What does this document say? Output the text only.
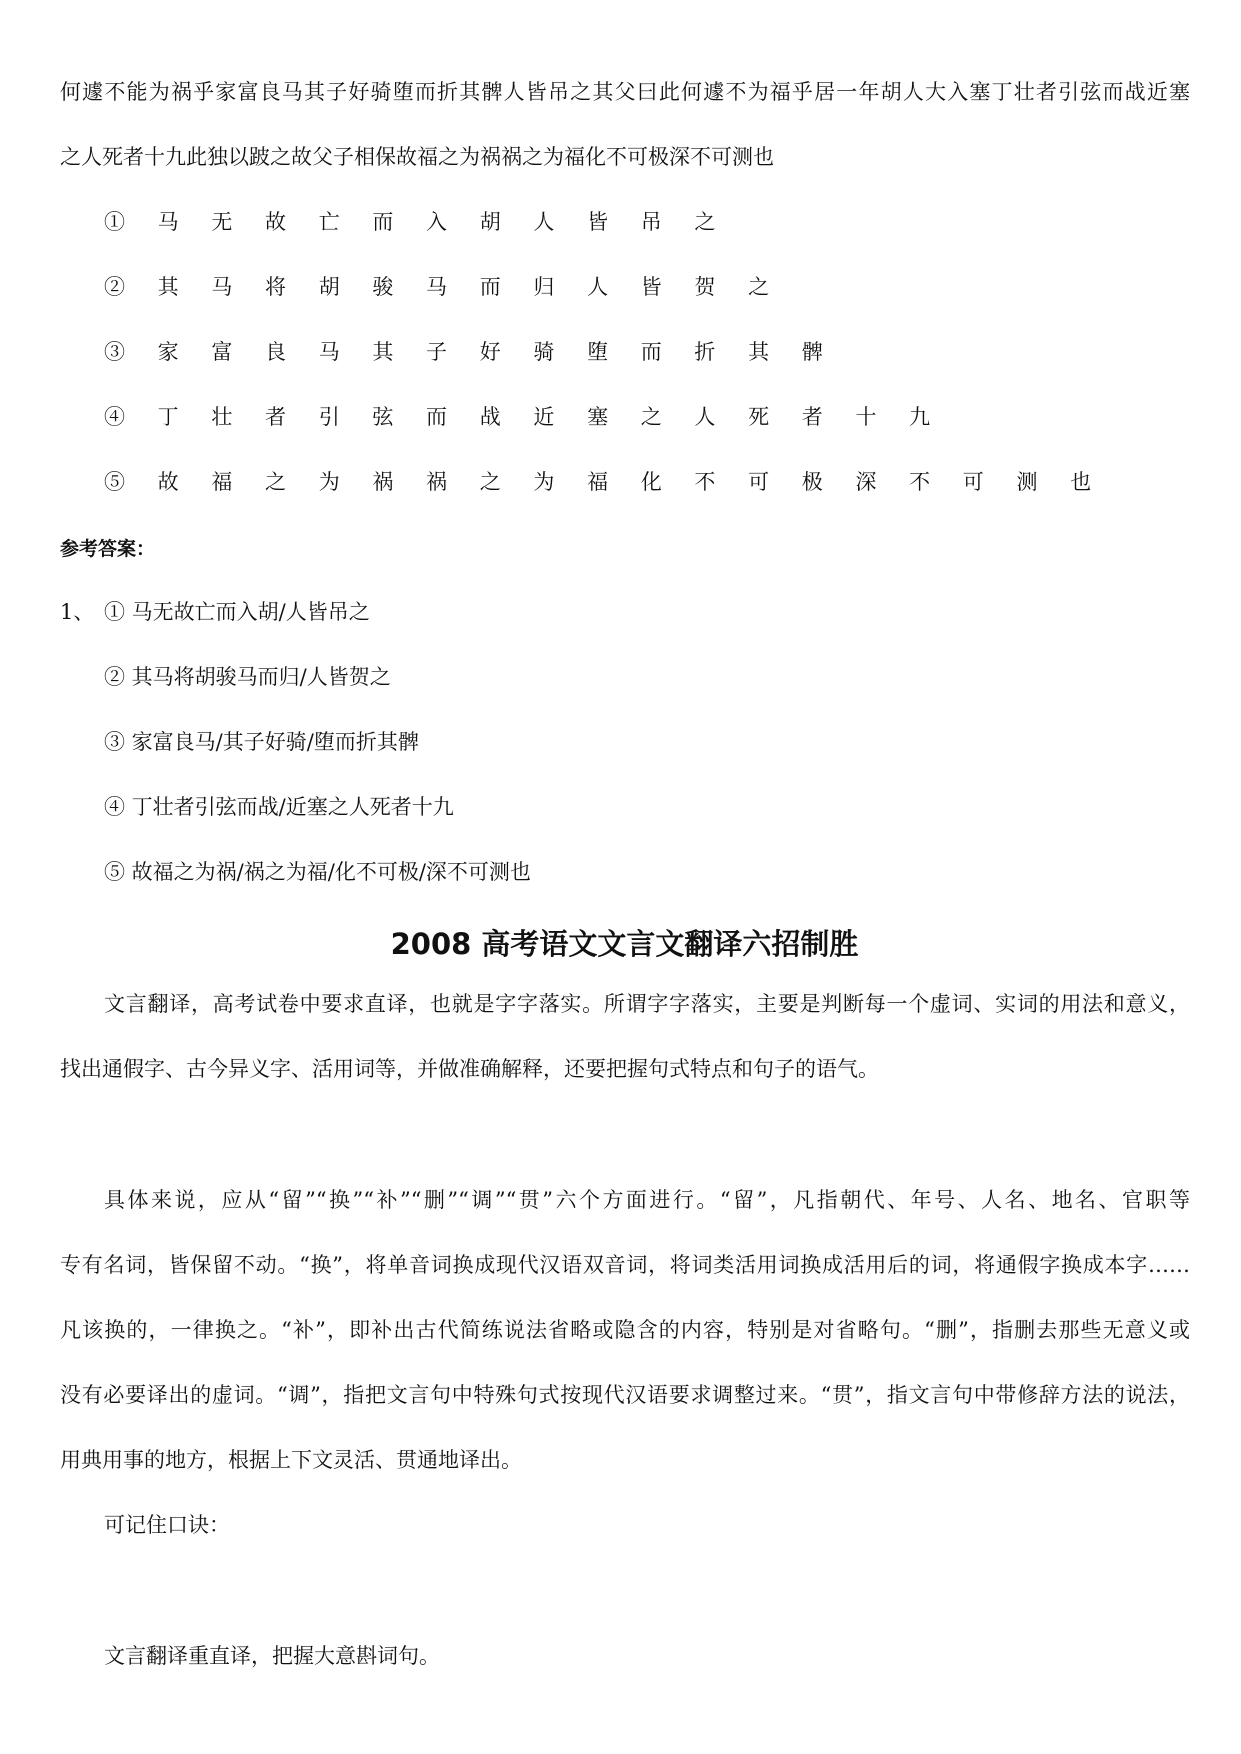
何遽不能为祸乎家富良马其子好骑堕而折其髀人皆吊之其父曰此何遽不为福乎居一年胡人大入塞丁壮者引弦而战近塞
之人死者十九此独以跛之故父子相保故福之为祸祸之为福化不可极深不可测也
① 马 无 故 亡 而 入 胡 人 皆 吊 之
② 其 马 将 胡 骏 马 而 归 人 皆 贺 之
③ 家 富 良 马 其 子 好 骑 堕 而 折 其 髀
④ 丁 壮 者 引 弦 而 战 近 塞 之 人 死 者 十 九
⑤ 故 福 之 为 祸 祸 之 为 福 化 不 可 极 深 不 可 测 也
参考答案：
1、 ① 马无故亡而入胡/人皆吊之
② 其马将胡骏马而归/人皆贺之
③ 家富良马/其子好骑/堕而折其髀
④ 丁壮者引弦而战/近塞之人死者十九
⑤ 故福之为祸/祸之为福/化不可极/深不可测也
2008 高考语文文言文翻译六招制胜
文言翻译，高考试卷中要求直译，也就是字字落实。所谓字字落实，主要是判断每一个虚词、实词的用法和意义，
找出通假字、古今异义字、活用词等，并做准确解释，还要把握句式特点和句子的语气。
具体来说，应从“留”“换”“补”“删”“调”“贯”六个方面进行。“留”，凡指朝代、年号、人名、地名、官职等
专有名词，皆保留不动。“换”，将单音词换成现代汉语双音词，将词类活用词换成活用后的词，将通假字换成本字……
凡该换的，一律换之。“补”，即补出古代简练说法省略或隐含的内容，特别是对省略句。“删”，指删去那些无意义或
没有必要译出的虚词。“调”，指把文言句中特殊句式按现代汉语要求调整过来。“贯”，指文言句中带修辞方法的说法，
用典用事的地方，根据上下文灵活、贯通地译出。
可记住口诀：
文言翻译重直译，把握大意斟词句。
